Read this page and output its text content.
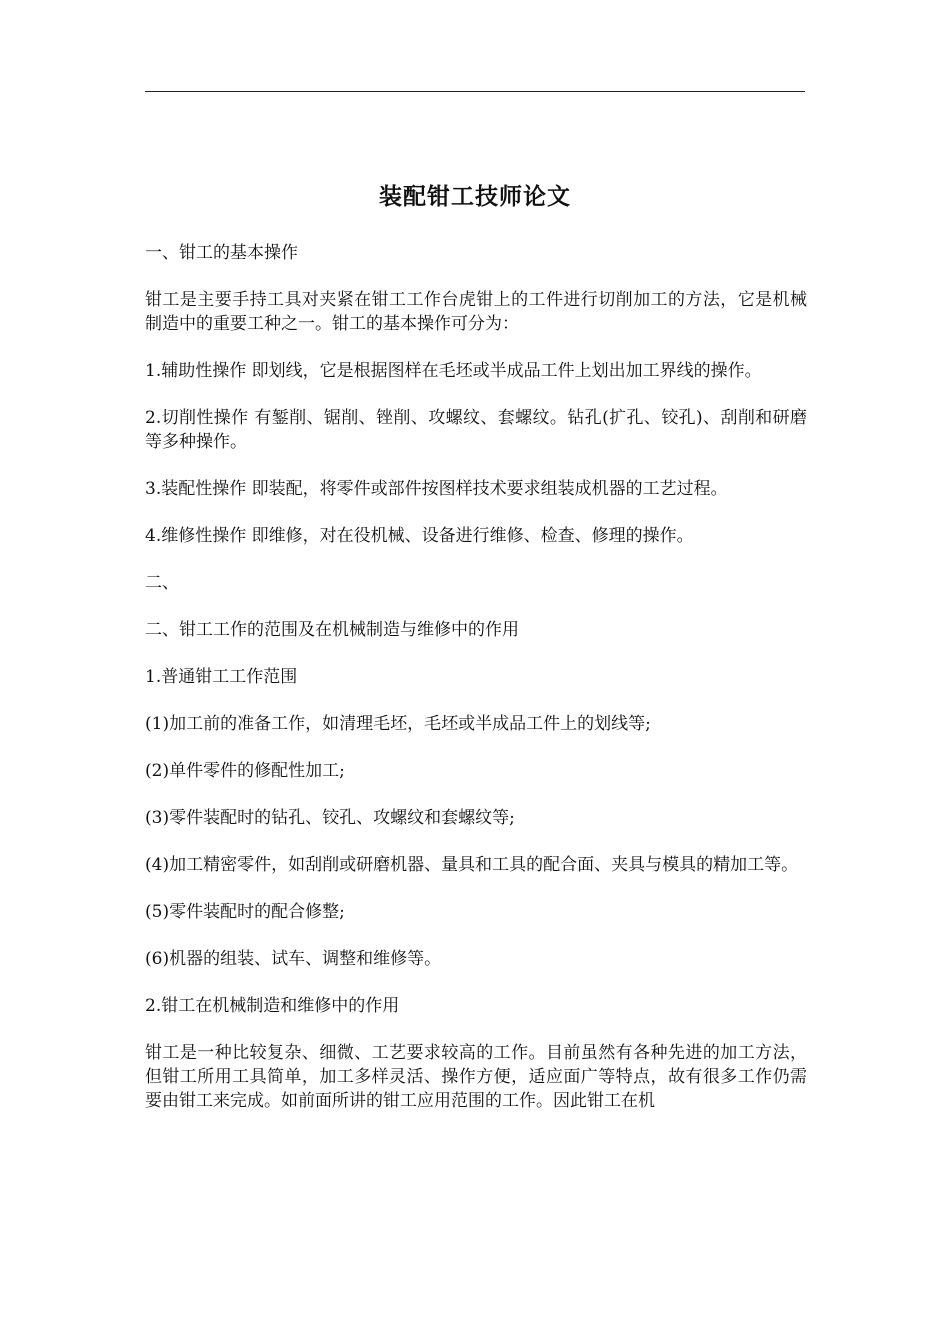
装配钳工技师论文

一、钳工的基本操作

钳工是主要手持工具对夹紧在钳工工作台虎钳上的工件进行切削加工的方法，它是机械制造中的重要工种之一。钳工的基本操作可分为：

1.辅助性操作 即划线，它是根据图样在毛坯或半成品工件上划出加工界线的操作。

2.切削性操作 有錾削、锯削、锉削、攻螺纹、套螺纹。钻孔(扩孔、铰孔)、刮削和研磨等多种操作。

3.装配性操作 即装配，将零件或部件按图样技术要求组装成机器的工艺过程。

4.维修性操作 即维修，对在役机械、设备进行维修、检查、修理的操作。

二、

二、钳工工作的范围及在机械制造与维修中的作用

1.普通钳工工作范围

(1)加工前的准备工作，如清理毛坯，毛坯或半成品工件上的划线等;

(2)单件零件的修配性加工;

(3)零件装配时的钻孔、铰孔、攻螺纹和套螺纹等;

(4)加工精密零件，如刮削或研磨机器、量具和工具的配合面、夹具与模具的精加工等。

(5)零件装配时的配合修整;

(6)机器的组装、试车、调整和维修等。

2.钳工在机械制造和维修中的作用

钳工是一种比较复杂、细微、工艺要求较高的工作。目前虽然有各种先进的加工方法，但钳工所用工具简单，加工多样灵活、操作方便，适应面广等特点，故有很多工作仍需要由钳工来完成。如前面所讲的钳工应用范围的工作。因此钳工在机
